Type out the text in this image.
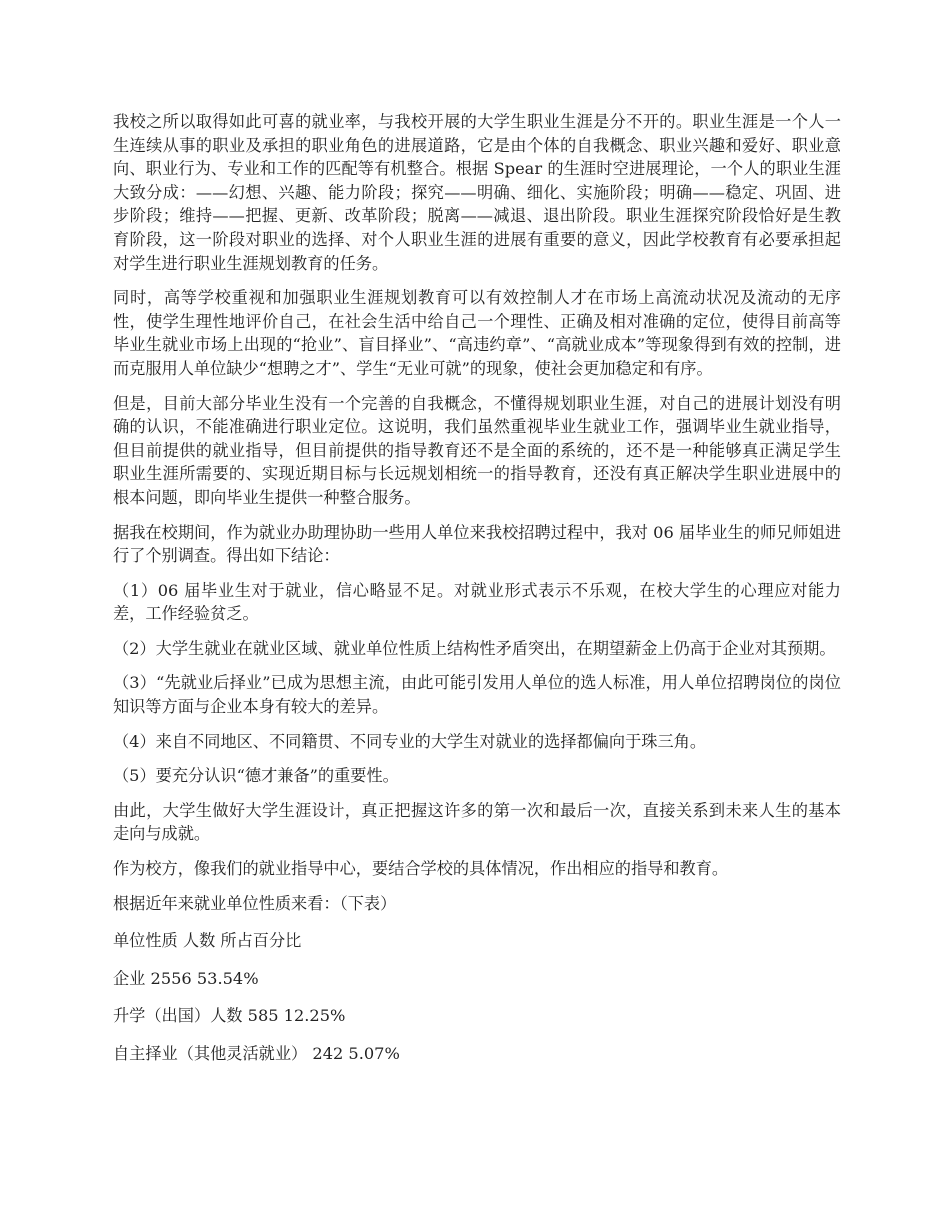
我校之所以取得如此可喜的就业率，与我校开展的大学生职业生涯是分不开的。职业生涯是一个人一生连续从事的职业及承担的职业角色的进展道路，它是由个体的自我概念、职业兴趣和爱好、职业意向、职业行为、专业和工作的匹配等有机整合。根据 Spear 的生涯时空进展理论，一个人的职业生涯大致分成：——幻想、兴趣、能力阶段；探究——明确、细化、实施阶段；明确——稳定、巩固、进步阶段；维持——把握、更新、改革阶段；脱离——减退、退出阶段。职业生涯探究阶段恰好是生教育阶段，这一阶段对职业的选择、对个人职业生涯的进展有重要的意义，因此学校教育有必要承担起对学生进行职业生涯规划教育的任务。

同时，高等学校重视和加强职业生涯规划教育可以有效控制人才在市场上高流动状况及流动的无序性，使学生理性地评价自己，在社会生活中给自己一个理性、正确及相对准确的定位，使得目前高等毕业生就业市场上出现的“抢业”、盲目择业”、“高违约章”、“高就业成本”等现象得到有效的控制，进而克服用人单位缺少“想聘之才”、学生“无业可就”的现象，使社会更加稳定和有序。

但是，目前大部分毕业生没有一个完善的自我概念，不懂得规划职业生涯，对自己的进展计划没有明确的认识，不能准确进行职业定位。这说明，我们虽然重视毕业生就业工作，强调毕业生就业指导，但目前提供的就业指导，但目前提供的指导教育还不是全面的系统的，还不是一种能够真正满足学生职业生涯所需要的、实现近期目标与长远规划相统一的指导教育，还没有真正解决学生职业进展中的根本问题，即向毕业生提供一种整合服务。

据我在校期间，作为就业办助理协助一些用人单位来我校招聘过程中，我对 06 届毕业生的师兄师姐进行了个别调查。得出如下结论：

（1）06 届毕业生对于就业，信心略显不足。对就业形式表示不乐观，在校大学生的心理应对能力差，工作经验贫乏。

（2）大学生就业在就业区域、就业单位性质上结构性矛盾突出，在期望薪金上仍高于企业对其预期。

（3）“先就业后择业”已成为思想主流，由此可能引发用人单位的选人标准，用人单位招聘岗位的岗位知识等方面与企业本身有较大的差异。

（4）来自不同地区、不同籍贯、不同专业的大学生对就业的选择都偏向于珠三角。

（5）要充分认识“德才兼备”的重要性。

由此，大学生做好大学生涯设计，真正把握这许多的第一次和最后一次，直接关系到未来人生的基本走向与成就。

作为校方，像我们的就业指导中心，要结合学校的具体情况，作出相应的指导和教育。

根据近年来就业单位性质来看：（下表）

单位性质 人数 所占百分比

企业 2556 53.54%

升学（出国）人数 585 12.25%

自主择业（其他灵活就业） 242 5.07%
